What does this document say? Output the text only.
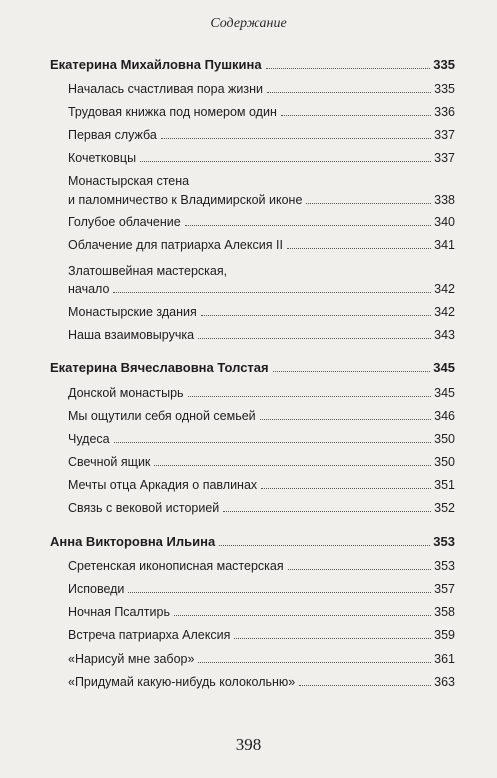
Содержание
Екатерина Михайловна Пушкина	335
Началась счастливая пора жизни	335
Трудовая книжка под номером один	336
Первая служба	337
Кочетковцы	337
Монастырская стена
и паломничество к Владимирской иконе	338
Голубое облачение	340
Облачение для патриарха Алексия II	341
Златошвейная мастерская,
начало	342
Монастырские здания	342
Наша взаимовыручка	343
Екатерина Вячеславовна Толстая	345
Донской монастырь	345
Мы ощутили себя одной семьей	346
Чудеса	350
Свечной ящик	350
Мечты отца Аркадия о павлинах	351
Связь с вековой историей	352
Анна Викторовна Ильина	353
Сретенская иконописная мастерская	353
Исповеди	357
Ночная Псалтирь	358
Встреча патриарха Алексия	359
«Нарисуй мне забор»	361
«Придумай какую-нибудь колокольню»	363
398
